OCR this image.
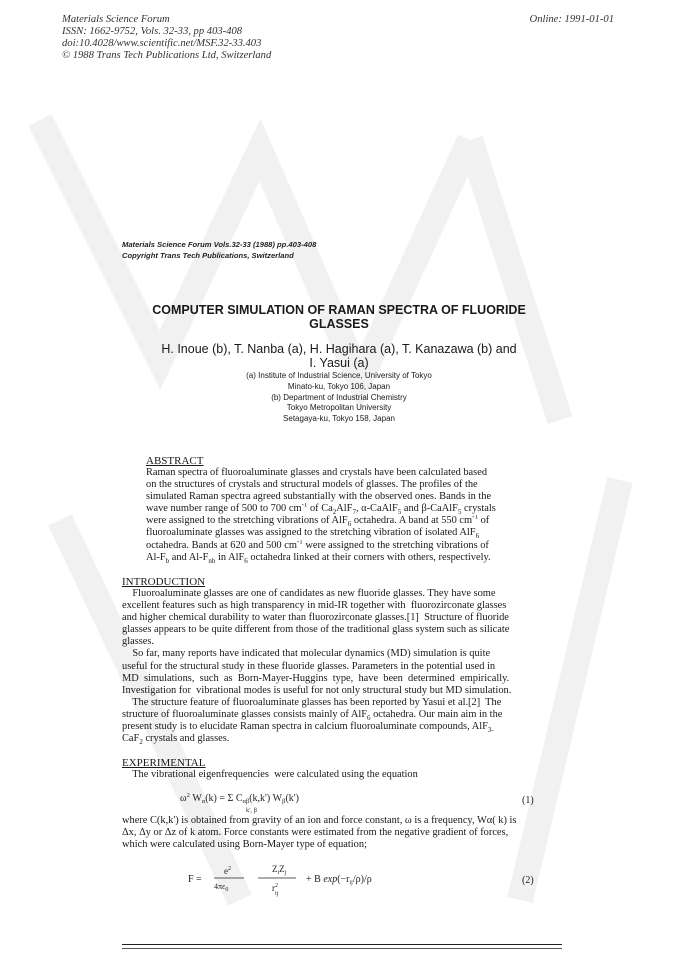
Materials Science Forum
ISSN: 1662-9752, Vols. 32-33, pp 403-408
doi:10.4028/www.scientific.net/MSF.32-33.403
© 1988 Trans Tech Publications Ltd, Switzerland
Online: 1991-01-01
Materials Science Forum Vols.32-33 (1988) pp.403-408
Copyright Trans Tech Publications, Switzerland
COMPUTER SIMULATION OF RAMAN SPECTRA OF FLUORIDE
GLASSES
H. Inoue (b), T. Nanba (a), H. Hagihara (a), T. Kanazawa (b) and
I. Yasui (a)
(a) Institute of Industrial Science, University of Tokyo
Minato-ku, Tokyo 106, Japan
(b) Department of Industrial Chemistry
Tokyo Metropolitan University
Setagaya-ku, Tokyo 158, Japan
ABSTRACT
Raman spectra of fluoroaluminate glasses and crystals have been calculated based
on the structures of crystals and structural models of glasses. The profiles of the
simulated Raman spectra agreed substantially with the observed ones. Bands in the
wave number range of 500 to 700 $cm^{-1}$ of $Ca_2AlF_7$, α-CaAlF$_5$ and β-CaAlF$_5$ crystals
were assigned to the stretching vibrations of AlF$_6$ octahedra. A band at 550 $cm^{-1}$ of
fluoroaluminate glasses was assigned to the stretching vibration of isolated AlF$_6$
octahedra. Bands at 620 and 500 $cm^{-1}$ were assigned to the stretching vibrations of
$Al-F_b$ and $Al-F_{nb}$ in AlF$_6$ octahedra linked at their corners with others, respectively.
INTRODUCTION
Fluoroaluminate glasses are one of candidates as new fluoride glasses. They have some
excellent features such as high transparency in mid-IR together with  fluorozirconate glasses
and higher chemical durability to water than fluorozirconate glasses.[1]  Structure of fluoride
glasses appears to be quite different from those of the traditional glass system such as silicate
glasses.
So far, many reports have indicated that molecular dynamics (MD) simulation is quite
useful for the structural study in these fluoride glasses. Parameters in the potential used in
MD  simulations,  such  as  Born-Mayer-Huggins  type,  have  been  determined  empirically.
Investigation for  vibrational modes is useful for not only structural study but MD simulation.
The structure feature of fluoroaluminate glasses has been reported by Yasui et al.[2]  The
structure of fluoroaluminate glasses consists mainly of AlF$_6$ octahedra. Our main aim in the
present study is to elucidate Raman spectra in calcium fluoroaluminate compounds, AlF$_{3-}$
CaF$_2$ crystals and glasses.
EXPERIMENTAL
The vibrational eigenfrequencies  were calculated using the equation
$\omega^2$ $W_\alpha(k) = \Sigma$ $C_{\alpha\beta}(k,k')$ $W_\beta(k')$
k', β
(1)
where C(k,k') is obtained from gravity of an ion and force constant, ω is a frequency, Wα( k) is
Δx, Δy or Δz of k atom. Force constants were estimated from the negative gradient of forces,
which were calculated using Born-Mayer type of equation;
F =
$e^2$
$4\pi\varepsilon_0$
$Z_iZ_j$
$r^2$ ij
+ B $\exp(-r_{ij}/\rho)/\rho$	(2)
